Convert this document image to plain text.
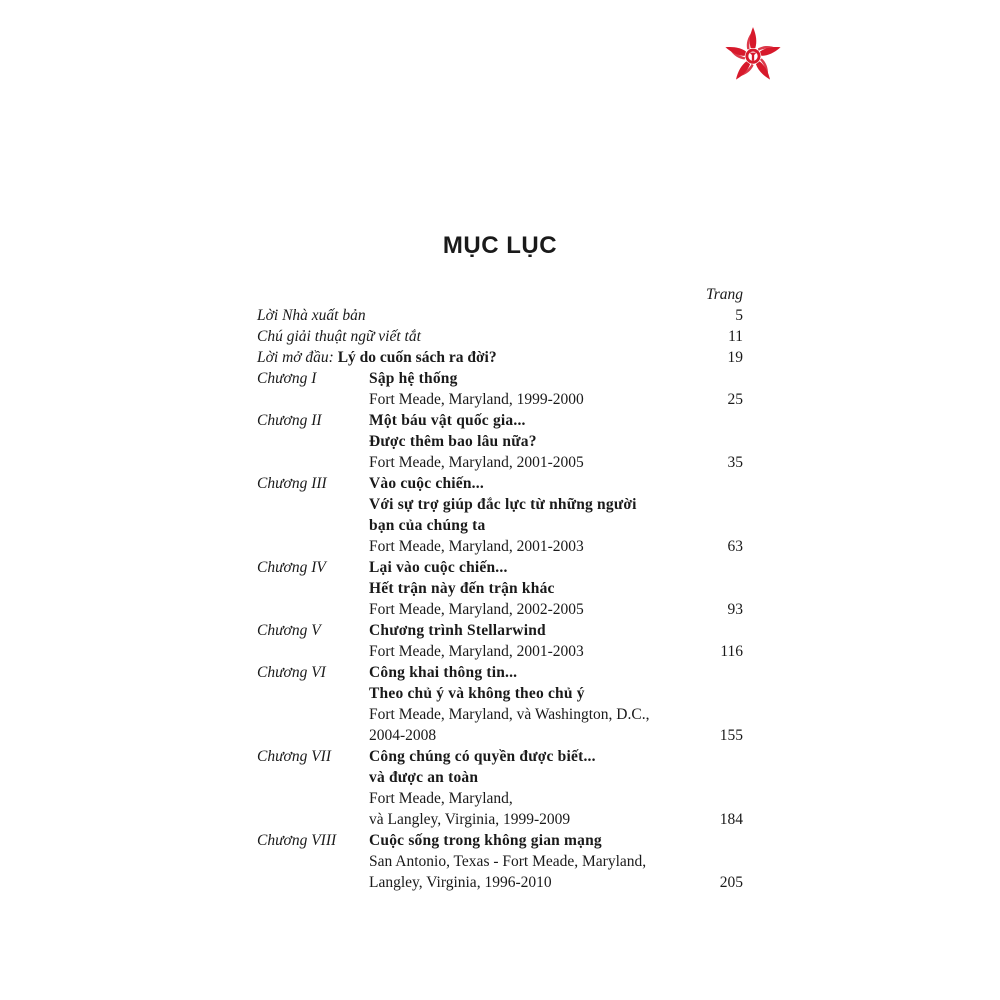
MỤC LỤC
Trang
Lời Nhà xuất bản	5
Chú giải thuật ngữ viết tắt	11
Lời mở đầu: Lý do cuốn sách ra đời?	19
Chương I	Sập hệ thống
Fort Meade, Maryland, 1999-2000	25
Chương II	Một báu vật quốc gia...
Được thêm bao lâu nữa?
Fort Meade, Maryland, 2001-2005	35
Chương III	Vào cuộc chiến...
Với sự trợ giúp đắc lực từ những người
bạn của chúng ta
Fort Meade, Maryland, 2001-2003	63
Chương IV	Lại vào cuộc chiến...
Hết trận này đến trận khác
Fort Meade, Maryland, 2002-2005	93
Chương V	Chương trình Stellarwind
Fort Meade, Maryland, 2001-2003	116
Chương VI	Công khai thông tin...
Theo chủ ý và không theo chủ ý
Fort Meade, Maryland, và Washington, D.C.,
2004-2008	155
Chương VII Công chúng có quyền được biết...
và được an toàn
Fort Meade, Maryland,
và Langley, Virginia, 1999-2009	184
Chương VIII Cuộc sống trong không gian mạng
San Antonio, Texas - Fort Meade, Maryland,
Langley, Virginia, 1996-2010	205
